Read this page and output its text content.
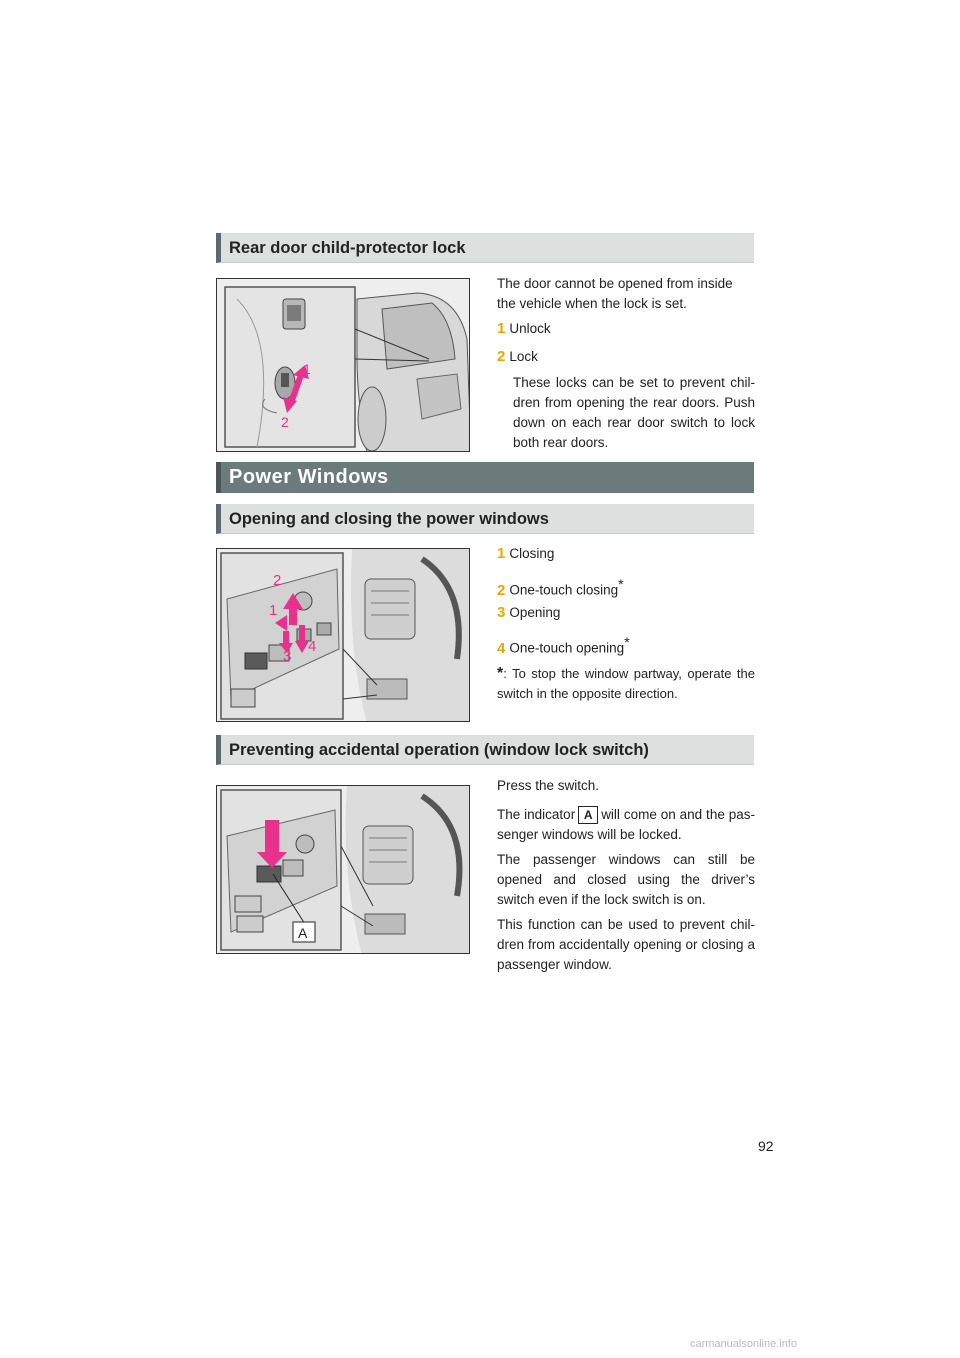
Rear door child-protector lock
1
2
The door cannot be opened from inside the vehicle when the lock is set.
1 Unlock
2 Lock
These locks can be set to prevent chil-dren from opening the rear doors. Push down on each rear door switch to lock both rear doors.
Power Windows
Opening and closing the power windows
2
1
3
4
1 Closing
2 One-touch closing*
3 Opening
4 One-touch opening*
*: To stop the window partway, operate the switch in the opposite direction.
Preventing accidental operation (window lock switch)
A
Press the switch.
The indicator A will come on and the pas-senger windows will be locked.
The passenger windows can still be opened and closed using the driver’s switch even if the lock switch is on.
This function can be used to prevent chil-dren from accidentally opening or closing a passenger window.
92
carmanualsonline.info
